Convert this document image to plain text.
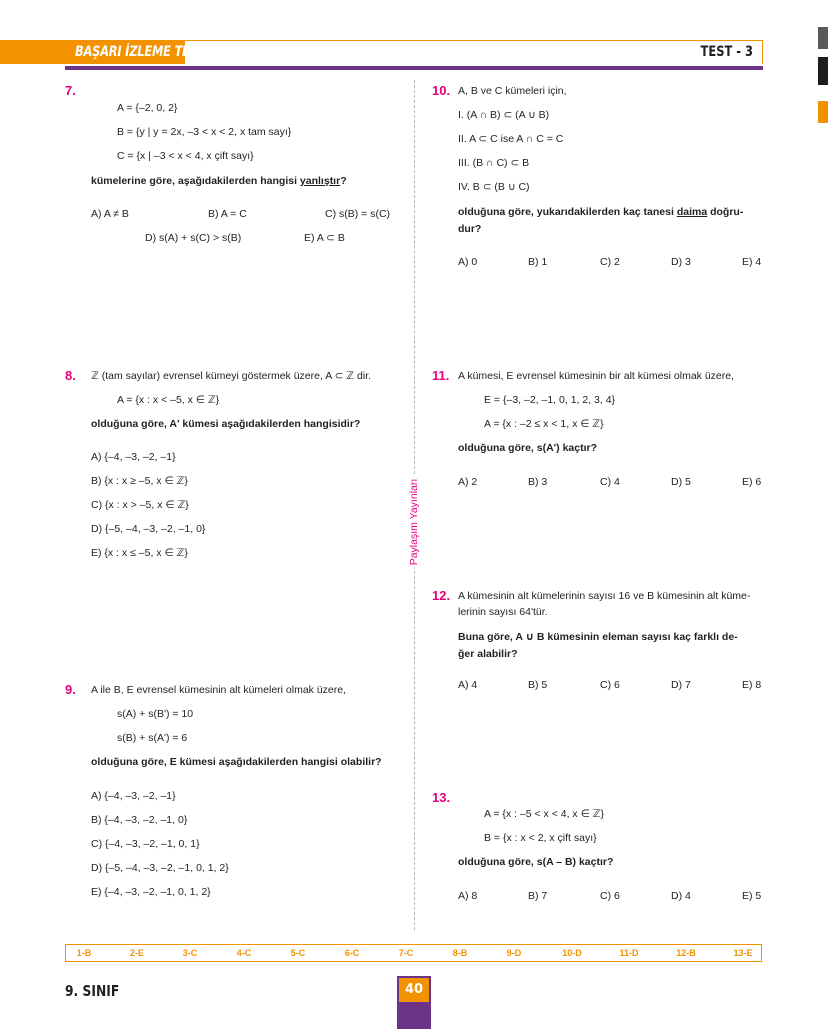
BAŞARI İZLEME TESTİ	TEST - 3
Paylaşım Yayınları
7.
A = {–2, 0, 2}
B = {y | y = 2x, –3 < x < 2, x tam sayı}
C = {x | –3 < x < 4, x çift sayı}
kümelerine göre, aşağıdakilerden hangisi yanlıştır?
A) A ≠ B	B) A = C	C) s(B) = s(C)
D) s(A) + s(C) > s(B)	E) A ⊂ B
8. ℤ (tam sayılar) evrensel kümeyi göstermek üzere, A ⊂ ℤ dir.
A = {x : x < –5, x ∈ ℤ}
olduğuna göre, A' kümesi aşağıdakilerden hangisidir?
A) {–4, –3, –2, –1}
B) {x : x ≥ –5, x ∈ ℤ}
C) {x : x > –5, x ∈ ℤ}
D) {–5, –4, –3, –2, –1, 0}
E) {x : x ≤ –5, x ∈ ℤ}
9. A ile B, E evrensel kümesinin alt kümeleri olmak üzere,
s(A) + s(B') = 10
s(B) + s(A') = 6
olduğuna göre, E kümesi aşağıdakilerden hangisi olabilir?
A) {–4, –3, –2, –1}
B) {–4, –3, –2, –1, 0}
C) {–4, –3, –2, –1, 0, 1}
D) {–5, –4, –3, –2, –1, 0, 1, 2}
E) {–4, –3, –2, –1, 0, 1, 2}
10. A, B ve C kümeleri için,
I. (A ∩ B) ⊂ (A ∪ B)
II. A ⊂ C ise A ∩ C = C
III. (B ∩ C) ⊂ B
IV. B ⊂ (B ∪ C)
olduğuna göre, yukarıdakilerden kaç tanesi daima doğru-
dur?
A) 0	B) 1	C) 2	D) 3	E) 4
11. A kümesi, E evrensel kümesinin bir alt kümesi olmak üzere,
E = {–3, –2, –1, 0, 1, 2, 3, 4}
A = {x : –2 ≤ x < 1, x ∈ ℤ}
olduğuna göre, s(A') kaçtır?
A) 2	B) 3	C) 4	D) 5	E) 6
12. A kümesinin alt kümelerinin sayısı 16 ve B kümesinin alt küme-
lerinin sayısı 64'tür.
Buna göre, A ∪ B kümesinin eleman sayısı kaç farklı de-
ğer alabilir?
A) 4	B) 5	C) 6	D) 7	E) 8
13.
A = {x : –5 < x < 4, x ∈ ℤ}
B = {x : x < 2, x çift sayı}
olduğuna göre, s(A – B) kaçtır?
A) 8	B) 7	C) 6	D) 4	E) 5
1-B	2-E	3-C	4-C	5-C	6-C	7-C	8-B	9-D	10-D	11-D	12-B	13-E
9. SINIF	40
